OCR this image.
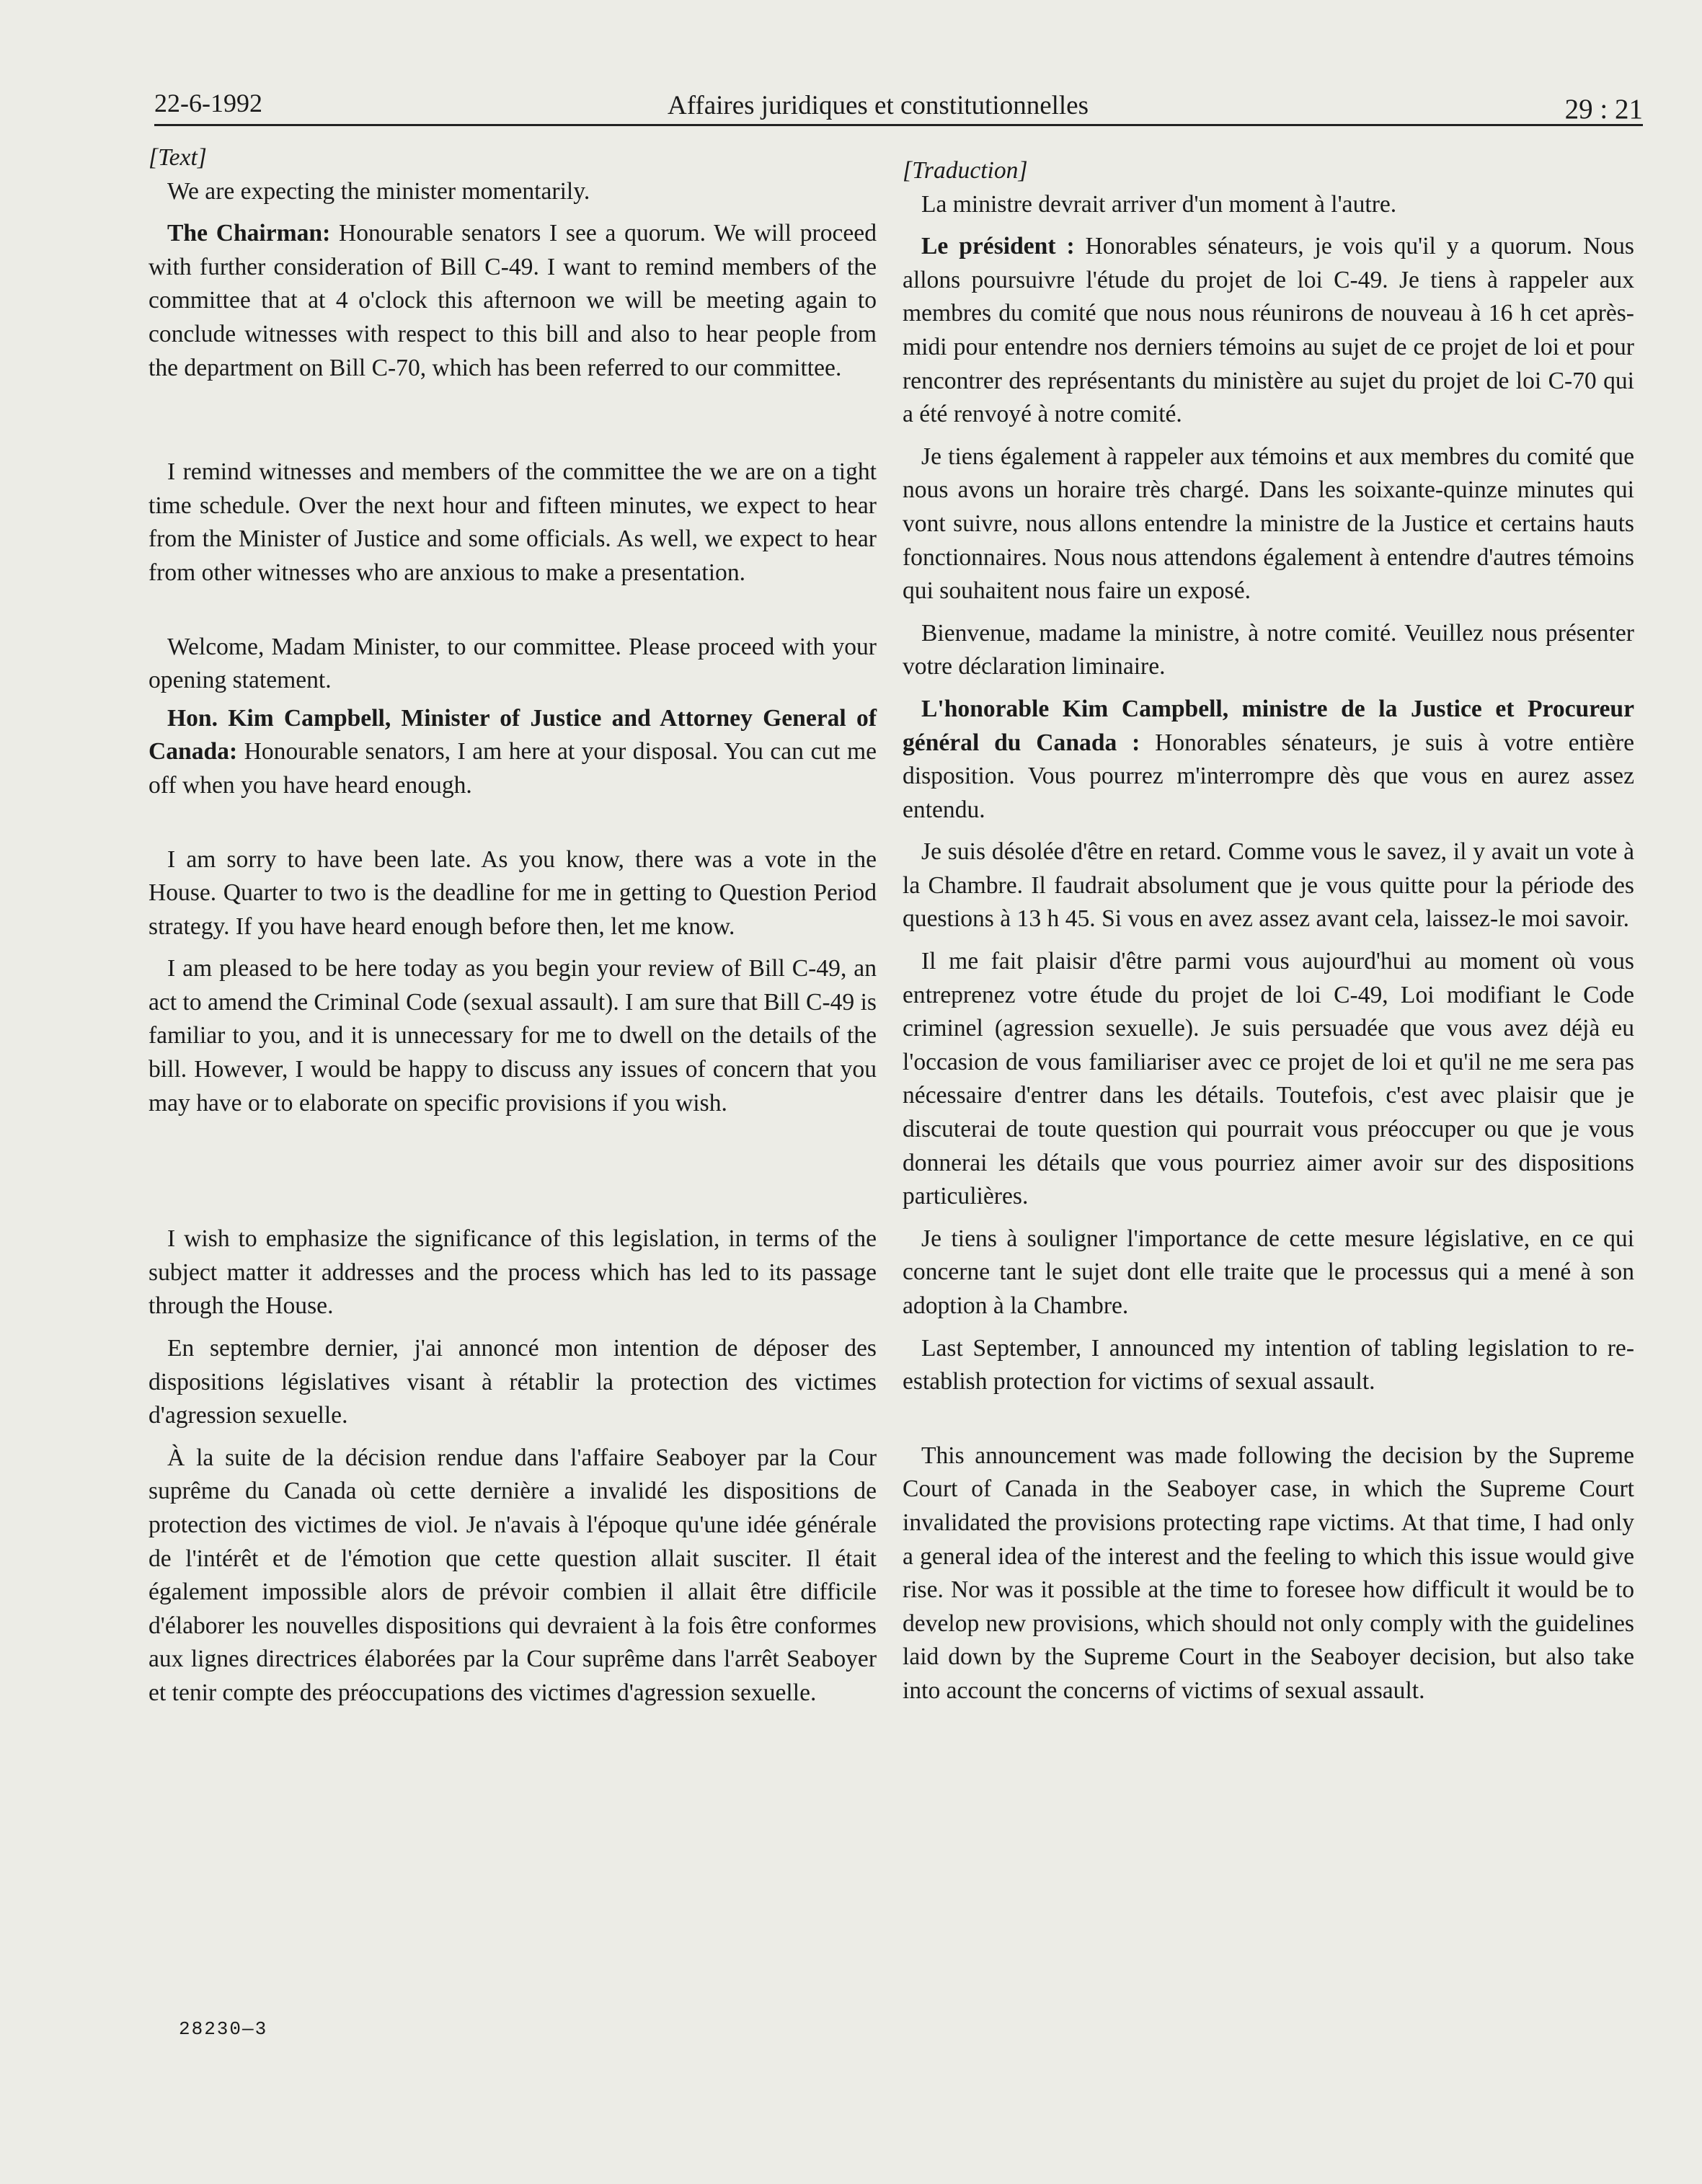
22-6-1992	Affaires juridiques et constitutionnelles	29 : 21

[Text]

We are expecting the minister momentarily.

The Chairman: Honourable senators I see a quorum. We will proceed with further consideration of Bill C-49. I want to remind members of the committee that at 4 o'clock this afternoon we will be meeting again to conclude witnesses with respect to this bill and also to hear people from the department on Bill C-70, which has been referred to our committee.

I remind witnesses and members of the committee the we are on a tight time schedule. Over the next hour and fifteen minutes, we expect to hear from the Minister of Justice and some officials. As well, we expect to hear from other witnesses who are anxious to make a presentation.

Welcome, Madam Minister, to our committee. Please proceed with your opening statement.

Hon. Kim Campbell, Minister of Justice and Attorney General of Canada: Honourable senators, I am here at your disposal. You can cut me off when you have heard enough.

I am sorry to have been late. As you know, there was a vote in the House. Quarter to two is the deadline for me in getting to Question Period strategy. If you have heard enough before then, let me know.

I am pleased to be here today as you begin your review of Bill C-49, an act to amend the Criminal Code (sexual assault). I am sure that Bill C-49 is familiar to you, and it is unnecessary for me to dwell on the details of the bill. However, I would be happy to discuss any issues of concern that you may have or to elaborate on specific provisions if you wish.

I wish to emphasize the significance of this legislation, in terms of the subject matter it addresses and the process which has led to its passage through the House.

En septembre dernier, j'ai annoncé mon intention de déposer des dispositions législatives visant à rétablir la protection des victimes d'agression sexuelle.

À la suite de la décision rendue dans l'affaire Seaboyer par la Cour suprême du Canada où cette dernière a invalidé les dispositions de protection des victimes de viol. Je n'avais à l'époque qu'une idée générale de l'intérêt et de l'émotion que cette question allait susciter. Il était également impossible alors de prévoir combien il allait être difficile d'élaborer les nouvelles dispositions qui devraient à la fois être conformes aux lignes directrices élaborées par la Cour suprême dans l'arrêt Seaboyer et tenir compte des préoccupations des victimes d'agression sexuelle.

[Traduction]

La ministre devrait arriver d'un moment à l'autre.

Le président : Honorables sénateurs, je vois qu'il y a quorum. Nous allons poursuivre l'étude du projet de loi C-49. Je tiens à rappeler aux membres du comité que nous nous réunirons de nouveau à 16 h cet après-midi pour entendre nos derniers témoins au sujet de ce projet de loi et pour rencontrer des représentants du ministère au sujet du projet de loi C-70 qui a été renvoyé à notre comité.

Je tiens également à rappeler aux témoins et aux membres du comité que nous avons un horaire très chargé. Dans les soixante-quinze minutes qui vont suivre, nous allons entendre la ministre de la Justice et certains hauts fonctionnaires. Nous nous attendons également à entendre d'autres témoins qui souhaitent nous faire un exposé.

Bienvenue, madame la ministre, à notre comité. Veuillez nous présenter votre déclaration liminaire.

L'honorable Kim Campbell, ministre de la Justice et Procureur général du Canada : Honorables sénateurs, je suis à votre entière disposition. Vous pourrez m'interrompre dès que vous en aurez assez entendu.

Je suis désolée d'être en retard. Comme vous le savez, il y avait un vote à la Chambre. Il faudrait absolument que je vous quitte pour la période des questions à 13 h 45. Si vous en avez assez avant cela, laissez-le moi savoir.

Il me fait plaisir d'être parmi vous aujourd'hui au moment où vous entreprenez votre étude du projet de loi C-49, Loi modifiant le Code criminel (agression sexuelle). Je suis persuadée que vous avez déjà eu l'occasion de vous familiariser avec ce projet de loi et qu'il ne me sera pas nécessaire d'entrer dans les détails. Toutefois, c'est avec plaisir que je discuterai de toute question qui pourrait vous préoccuper ou que je vous donnerai les détails que vous pourriez aimer avoir sur des dispositions particulières.

Je tiens à souligner l'importance de cette mesure législative, en ce qui concerne tant le sujet dont elle traite que le processus qui a mené à son adoption à la Chambre.

Last September, I announced my intention of tabling legislation to re-establish protection for victims of sexual assault.

This announcement was made following the decision by the Supreme Court of Canada in the Seaboyer case, in which the Supreme Court invalidated the provisions protecting rape victims. At that time, I had only a general idea of the interest and the feeling to which this issue would give rise. Nor was it possible at the time to foresee how difficult it would be to develop new provisions, which should not only comply with the guidelines laid down by the Supreme Court in the Seaboyer decision, but also take into account the concerns of victims of sexual assault.

28230—3
